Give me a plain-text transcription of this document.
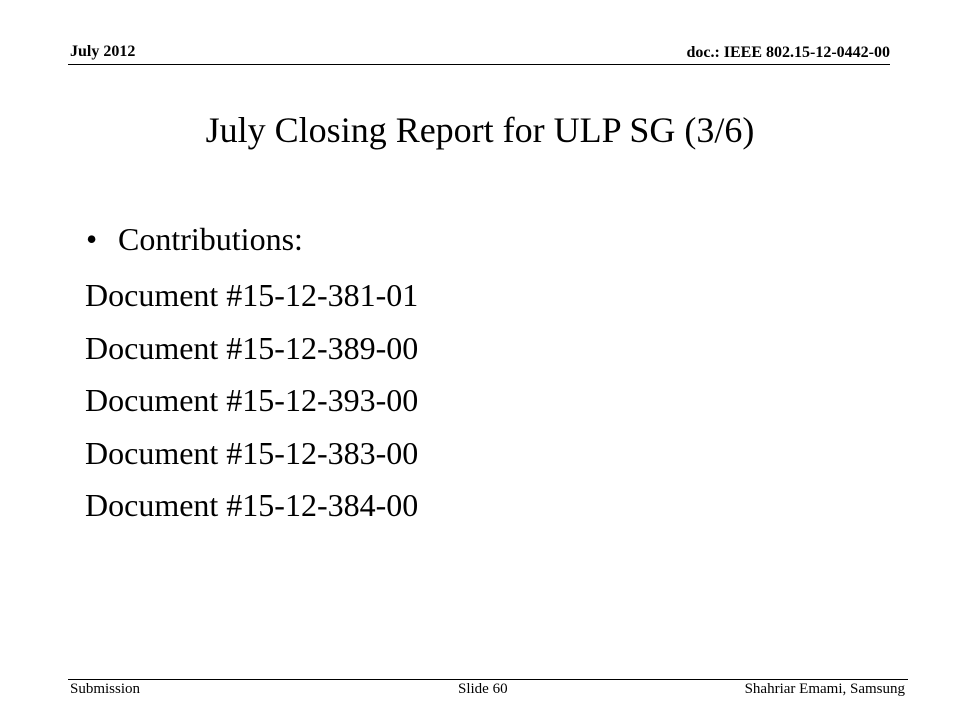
July 2012	doc.: IEEE 802.15-12-0442-00
July Closing Report for ULP SG (3/6)
• Contributions:
Document #15-12-381-01
Document #15-12-389-00
Document #15-12-393-00
Document #15-12-383-00
Document #15-12-384-00
Submission	Slide 60	Shahriar Emami, Samsung
